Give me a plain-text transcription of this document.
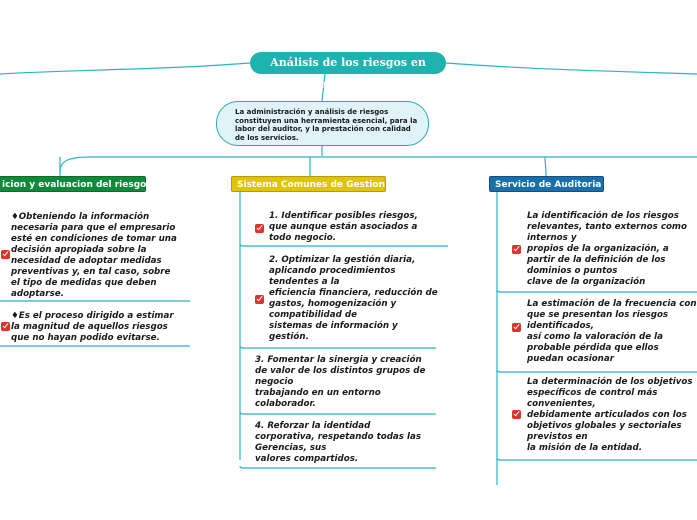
Análisis de los riesgos en auditoria
La administración y análisis de riesgos constituyen una herramienta esencial, para la labor del auditor, y la prestación con calidad de los servicios.
icion y evaluacion del riesgo	Sistema Comunes de Gestion	Servicio de Auditoria
♦Obteniendo la información
necesaria para que el empresario
esté en condiciones de tomar una
decisión apropiada sobre la
necesidad de adoptar medidas
preventivas y, en tal caso, sobre
el tipo de medidas que deben
adoptarse.
♦Es el proceso dirigido a estimar
la magnitud de aquellos riesgos
que no hayan podido evitarse.
1. Identificar posibles riesgos,
que aunque están asociados a
todo negocio.
2. Optimizar la gestión diaria,
aplicando procedimientos
tendentes a la
eficiencia financiera, reducción de
gastos, homogenización y
compatibilidad de
sistemas de información y
gestión.
3. Fomentar la sinergia y creación
de valor de los distintos grupos de
negocio
trabajando en un entorno
colaborador.
4. Reforzar la identidad
corporativa, respetando todas las
Gerencias, sus
valores compartidos.
La identificación de los riesgos
relevantes, tanto externos como
internos y
propios de la organización, a
partir de la definición de los
dominios o puntos
clave de la organización
La estimación de la frecuencia con
que se presentan los riesgos
identificados,
así como la valoración de la
probable pérdida que ellos
puedan ocasionar
La determinación de los objetivos
específicos de control más
convenientes,
debidamente articulados con los
objetivos globales y sectoriales
previstos en
la misión de la entidad.
